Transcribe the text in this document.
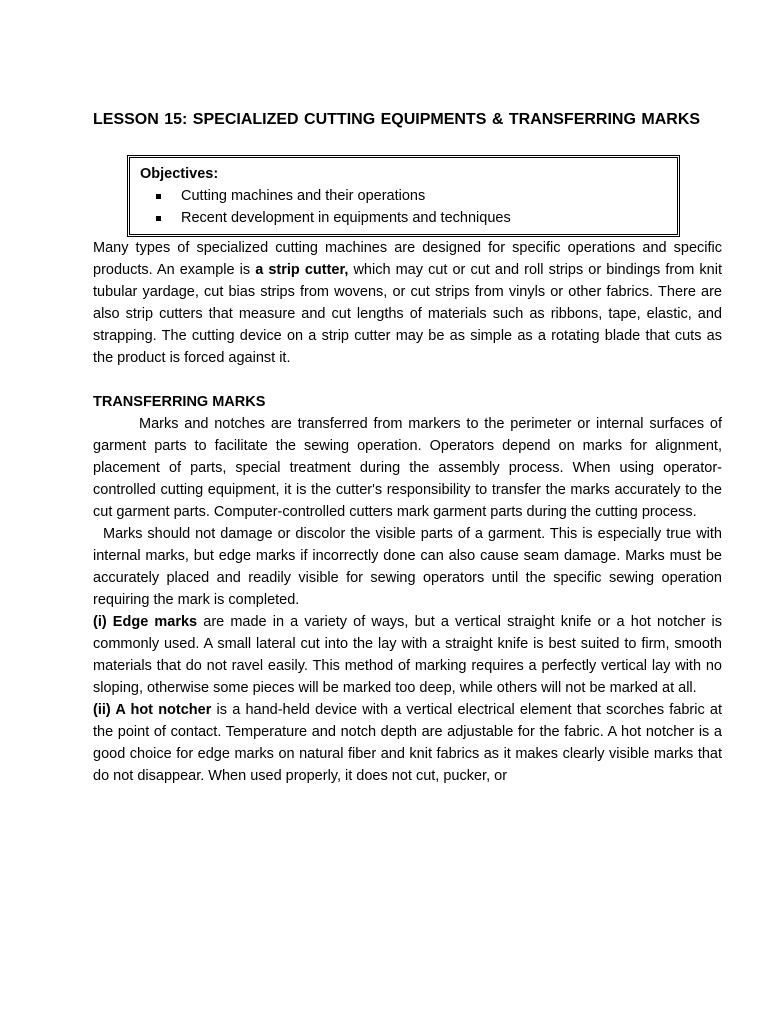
LESSON 15: SPECIALIZED CUTTING EQUIPMENTS & TRANSFERRING MARKS
Objectives:
Cutting machines and their operations
Recent development in equipments and techniques

Many types of specialized cutting machines are designed for specific operations and specific products. An example is a strip cutter, which may cut or cut and roll strips or bindings from knit tubular yardage, cut bias strips from wovens, or cut strips from vinyls or other fabrics. There are also strip cutters that measure and cut lengths of materials such as ribbons, tape, elastic, and strapping. The cutting device on a strip cutter may be as simple as a rotating blade that cuts as the product is forced against it.

TRANSFERRING MARKS

Marks and notches are transferred from markers to the perimeter or internal surfaces of garment parts to facilitate the sewing operation. Operators depend on marks for alignment, placement of parts, special treatment during the assembly process. When using operator-controlled cutting equipment, it is the cutter's responsibility to transfer the marks accurately to the cut garment parts. Computer-controlled cutters mark garment parts during the cutting process.

Marks should not damage or discolor the visible parts of a garment. This is especially true with internal marks, but edge marks if incorrectly done can also cause seam damage. Marks must be accurately placed and readily visible for sewing operators until the specific sewing operation requiring the mark is completed.

(i) Edge marks are made in a variety of ways, but a vertical straight knife or a hot notcher is commonly used. A small lateral cut into the lay with a straight knife is best suited to firm, smooth materials that do not ravel easily. This method of marking requires a perfectly vertical lay with no sloping, otherwise some pieces will be marked too deep, while others will not be marked at all.

(ii) A hot notcher is a hand-held device with a vertical electrical element that scorches fabric at the point of contact. Temperature and notch depth are adjustable for the fabric. A hot notcher is a good choice for edge marks on natural fiber and knit fabrics as it makes clearly visible marks that do not disappear. When used properly, it does not cut, pucker, or
